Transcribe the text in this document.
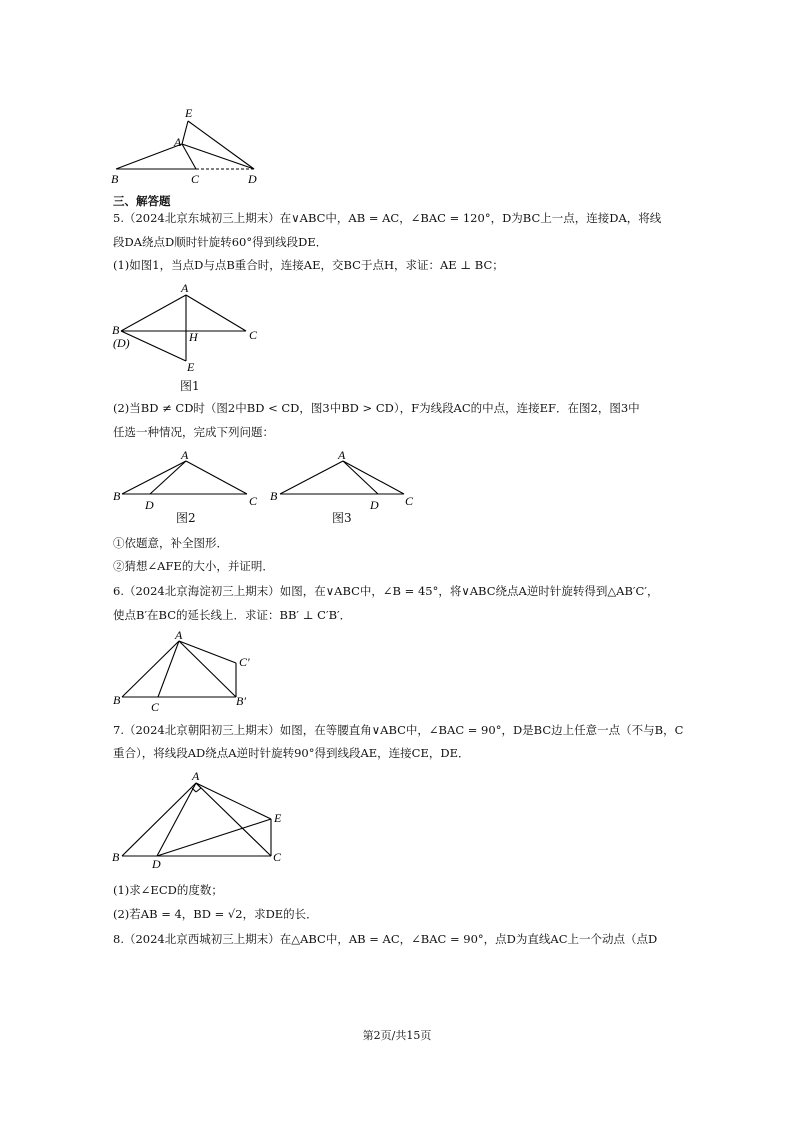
E
A
B	C	D
三、解答题
5.（2024北京东城初三上期末）在∨ABC中，AB = AC，∠BAC = 120°，D为BC上一点，连接DA，将线
段DA绕点D顺时针旋转60°得到线段DE．
(1)如图1，当点D与点B重合时，连接AE，交BC于点H，求证：AE ⊥ BC；
A
B
(D)	H	C
E
图1
(2)当BD ≠ CD时（图2中BD < CD，图3中BD > CD），F为线段AC的中点，连接EF．在图2，图3中
任选一种情况，完成下列问题：
A
B
D	C
图2
A
B
D C
图3
①依题意，补全图形．
②猜想∠AFE的大小，并证明．
6.（2024北京海淀初三上期末）如图，在∨ABC中，∠B = 45°，将∨ABC绕点A逆时针旋转得到△AB′C′，
使点B′在BC的延长线上．求证：BB′ ⊥ C′B′．
A
C′
B	C	B′
7.（2024北京朝阳初三上期末）如图，在等腰直角∨ABC中，∠BAC = 90°，D是BC边上任意一点（不与B，C
重合），将线段AD绕点A逆时针旋转90°得到线段AE，连接CE，DE．
A
E
B	D	C
(1)求∠ECD的度数；
(2)若AB = 4，BD = √2，求DE的长．
8.（2024北京西城初三上期末）在△ABC中，AB = AC，∠BAC = 90°，点D为直线AC上一个动点（点D
第2页/共15页
